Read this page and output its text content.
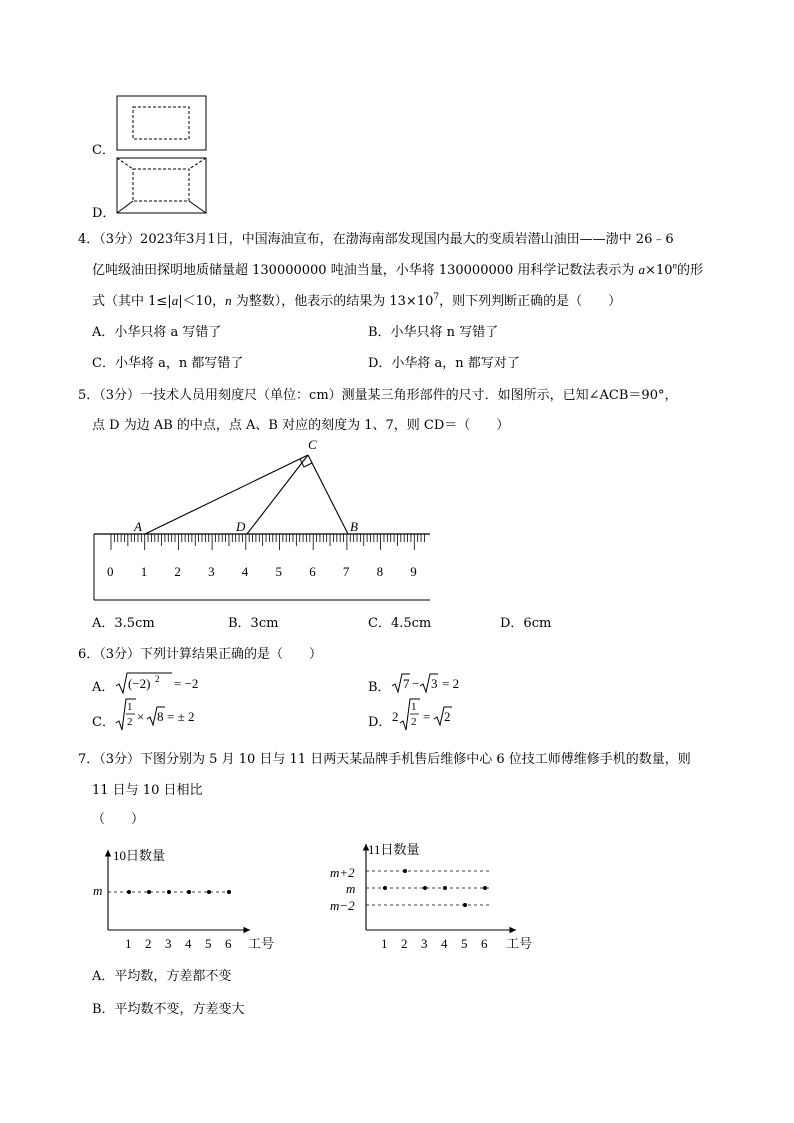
C．
D．
4．（3分）2023年3月1日，中国海油宣布，在渤海南部发现国内最大的变质岩潜山油田——渤中 26﹣6
亿吨级油田探明地质储量超 130000000 吨油当量，小华将 130000000 用科学记数法表示为 $a\times 10^n$的形
式（其中 1≤|a|＜10，n 为整数），他表示的结果为 $13\times 10^7$，则下列判断正确的是（　　）
A．小华只将 a 写错了	B．小华只将 n 写错了
C．小华将 a，n 都写错了	D．小华将 a，n 都写对了
5．（3分）一技术人员用刻度尺（单位：cm）测量某三角形部件的尺寸．如图所示，已知∠ACB＝90°，
点 D 为边 AB 的中点，点 A、B 对应的刻度为 1、7，则 CD＝（　　）
0 1 2 3 4 5 6 7 8 9
A	D	B
C
A．3.5cm	B．3cm	C．4.5cm	D．6cm
6．（3分）下列计算结果正确的是（　　）
A． (−2) 2 = −2	B． 7 − 3 = 2
C．
1
2 × 8 = ± 2	D． 2
1
2 = 2
7．（3分）下图分别为 5 月 10 日与 11 日两天某品牌手机售后维修中心 6 位技工师傅维修手机的数量，则
11 日与 10 日相比
（　　）
10日数量
m
工号
1 2 3 4 5 6
11日数量
m+2
m
m−2
工号
1 2 3 4 5 6
A．平均数，方差都不变
B．平均数不变，方差变大
